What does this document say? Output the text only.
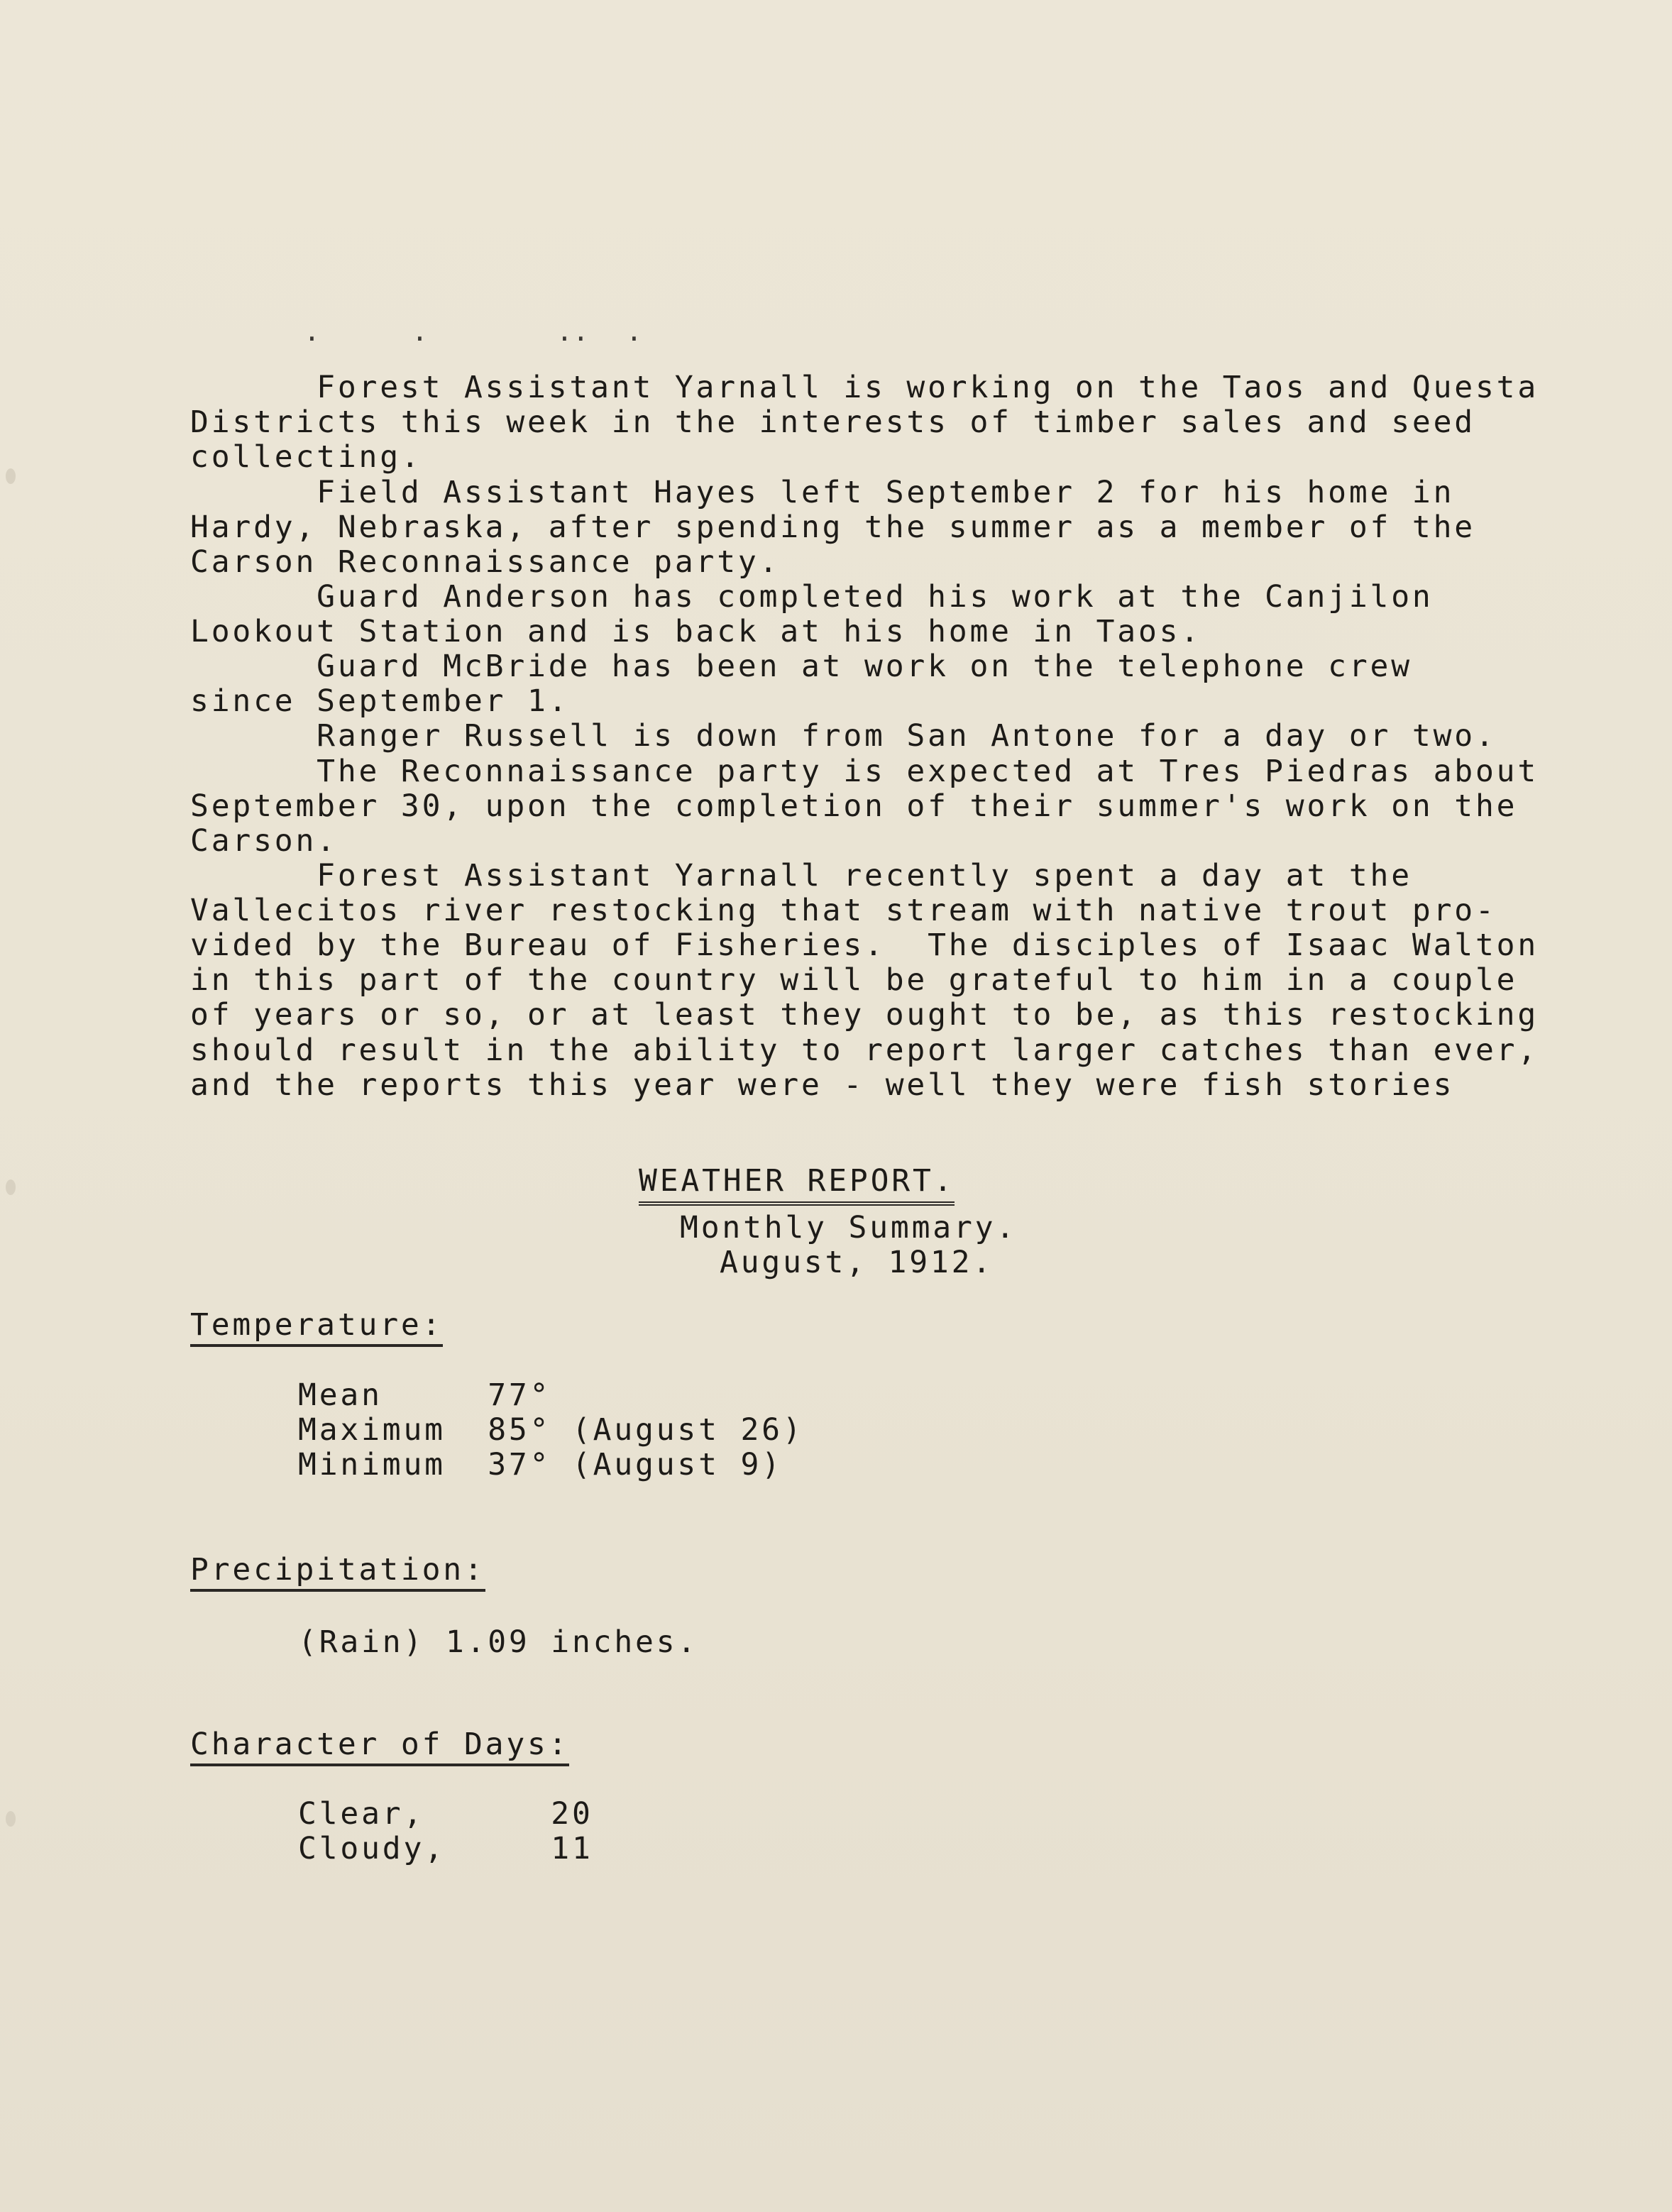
.	.	.. .

Forest Assistant Yarnall is working on the Taos and Questa

Districts this week in the interests of timber sales and seed

collecting.

Field Assistant Hayes left September 2 for his home in

Hardy, Nebraska, after spending the summer as a member of the

Carson Reconnaissance party.

Guard Anderson has completed his work at the Canjilon

Lookout Station and is back at his home in Taos.

Guard McBride has been at work on the telephone crew

since September 1.

Ranger Russell is down from San Antone for a day or two.

The Reconnaissance party is expected at Tres Piedras about

September 30, upon the completion of their summer's work on the

Carson.

Forest Assistant Yarnall recently spent a day at the

Vallecitos river restocking that stream with native trout pro-

vided by the Bureau of Fisheries.  The disciples of Isaac Walton

in this part of the country will be grateful to him in a couple

of years or so, or at least they ought to be, as this restocking

should result in the ability to report larger catches than ever,

and the reports this year were - well they were fish stories

WEATHER REPORT.

Monthly Summary.

August, 1912.

Temperature:

Mean     77°

Maximum  85° (August 26)

Minimum  37° (August 9)

Precipitation:

(Rain) 1.09 inches.

Character of Days:

Clear,      20

Cloudy,     11
